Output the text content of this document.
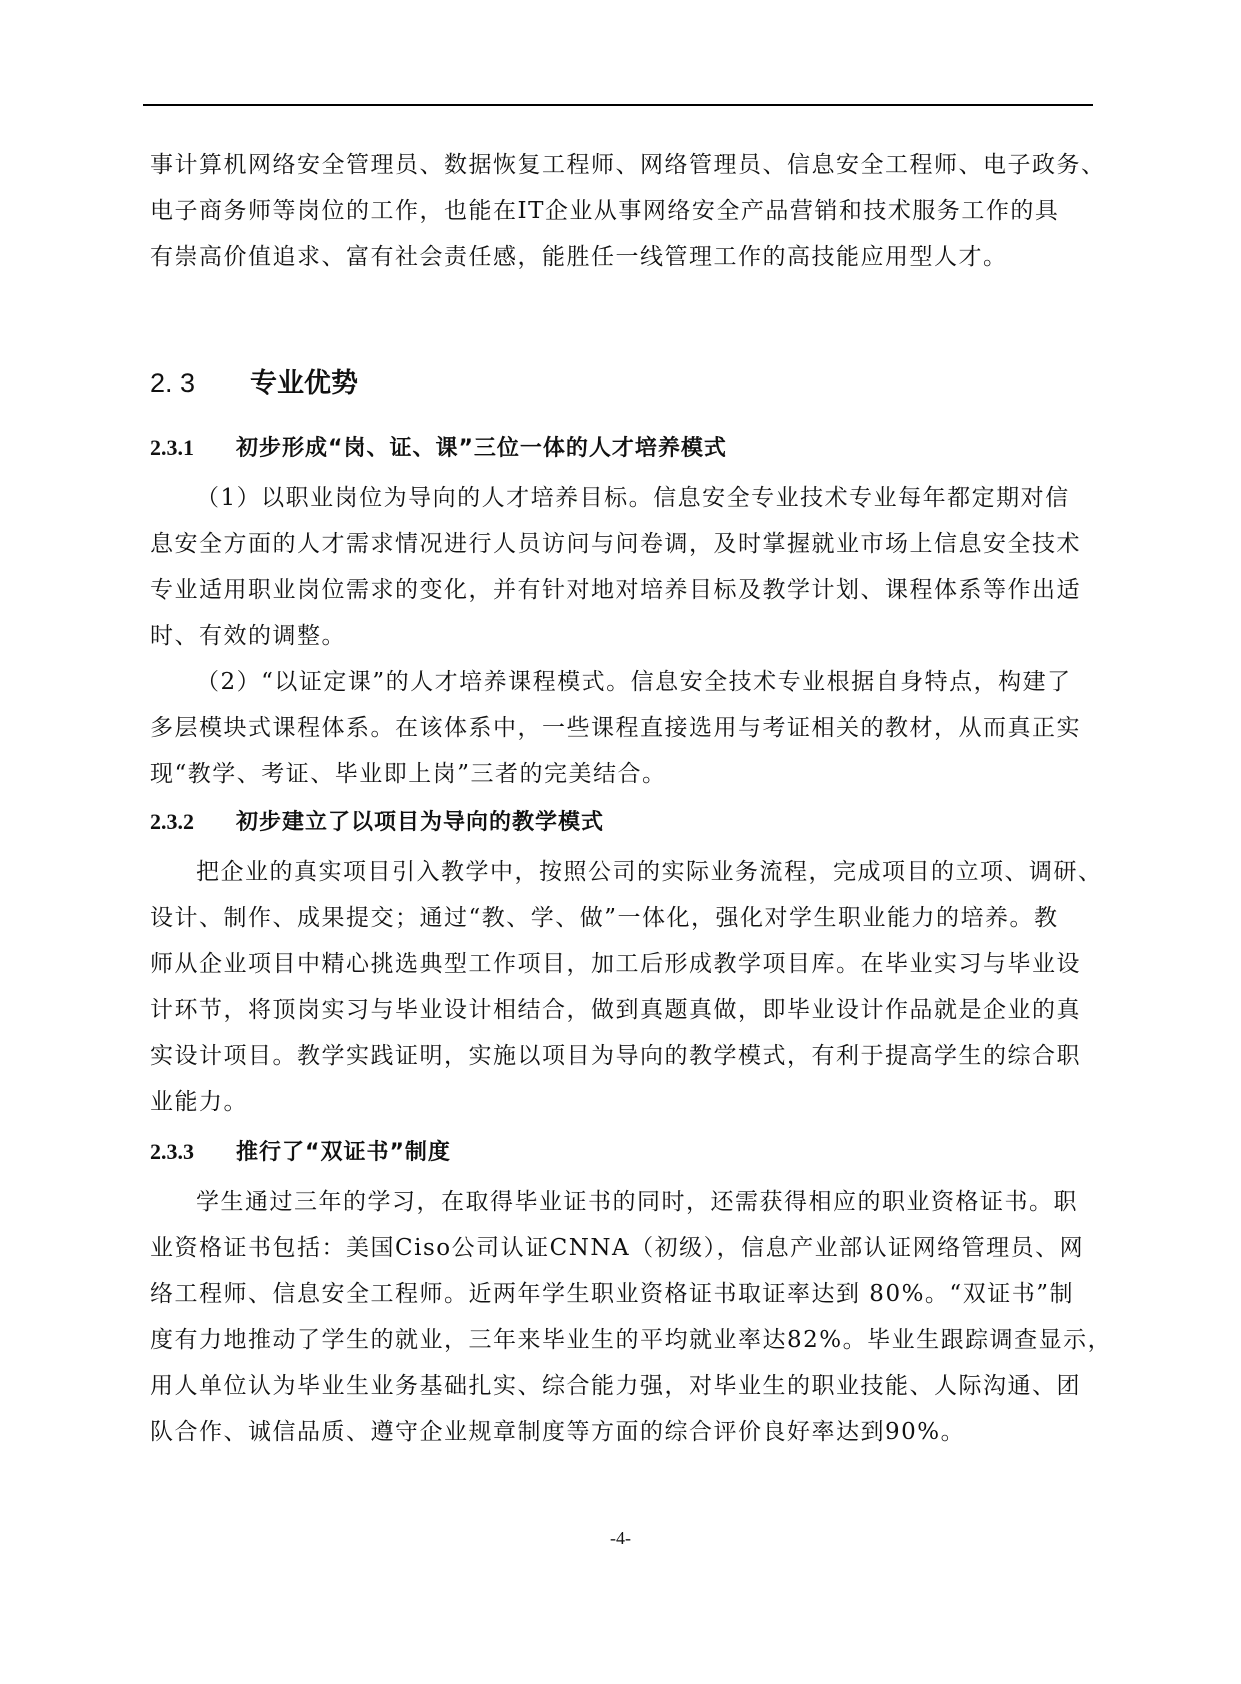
事计算机网络安全管理员、数据恢复工程师、网络管理员、信息安全工程师、电子政务、
电子商务师等岗位的工作，也能在IT企业从事网络安全产品营销和技术服务工作的具
有崇高价值追求、富有社会责任感，能胜任一线管理工作的高技能应用型人才。
2. 3 专业优势
2.3.1 初步形成“岗、证、课”三位一体的人才培养模式
（1）以职业岗位为导向的人才培养目标。信息安全专业技术专业每年都定期对信
息安全方面的人才需求情况进行人员访问与问卷调，及时掌握就业市场上信息安全技术
专业适用职业岗位需求的变化，并有针对地对培养目标及教学计划、课程体系等作出适
时、有效的调整。
（2）“以证定课”的人才培养课程模式。信息安全技术专业根据自身特点，构建了
多层模块式课程体系。在该体系中，一些课程直接选用与考证相关的教材，从而真正实
现“教学、考证、毕业即上岗”三者的完美结合。
2.3.2 初步建立了以项目为导向的教学模式
把企业的真实项目引入教学中，按照公司的实际业务流程，完成项目的立项、调研、
设计、制作、成果提交；通过“教、学、做”一体化，强化对学生职业能力的培养。教
师从企业项目中精心挑选典型工作项目，加工后形成教学项目库。在毕业实习与毕业设
计环节，将顶岗实习与毕业设计相结合，做到真题真做，即毕业设计作品就是企业的真
实设计项目。教学实践证明，实施以项目为导向的教学模式，有利于提高学生的综合职
业能力。
2.3.3 推行了“双证书”制度
学生通过三年的学习，在取得毕业证书的同时，还需获得相应的职业资格证书。职
业资格证书包括：美国Ciso公司认证CNNA（初级），信息产业部认证网络管理员、网
络工程师、信息安全工程师。近两年学生职业资格证书取证率达到 80%。“双证书”制
度有力地推动了学生的就业，三年来毕业生的平均就业率达82%。毕业生跟踪调查显示，
用人单位认为毕业生业务基础扎实、综合能力强，对毕业生的职业技能、人际沟通、团
队合作、诚信品质、遵守企业规章制度等方面的综合评价良好率达到90%。
-4-
